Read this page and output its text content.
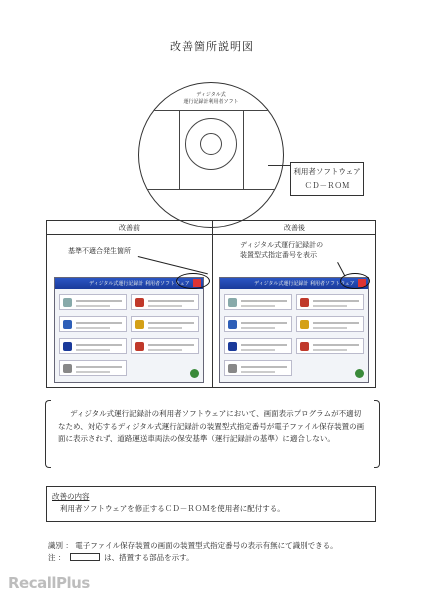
改善箇所説明図
ディジタル式
運行記録計利用者ソフト
利用者ソフトウェア
ＣＤ－ＲＯＭ
改善前	改善後
ディジタル式運行記録計 利用者ソフトウェア	ディジタル式運行記録計 利用者ソフトウェア
基準不適合発生箇所
ディジタル式運行記録計の
装置型式指定番号を表示
ディジタル式運行記録計の利用者ソフトウェアにおいて、画面表示プログラムが不適切なため、対応するディジタル式運行記録計の装置型式指定番号が電子ファイル保存装置の画面に表示されず、道路運送車両法の保安基準（運行記録計の基準）に適合しない。
改善の内容
利用者ソフトウェアを修正するＣＤ－ＲＯＭを使用者に配付する。
識別 ： 電子ファイル保存装置の画面の装置型式指定番号の表示有無にて識別できる。
注 ：	は、措置する部品を示す。
RecallPlus
